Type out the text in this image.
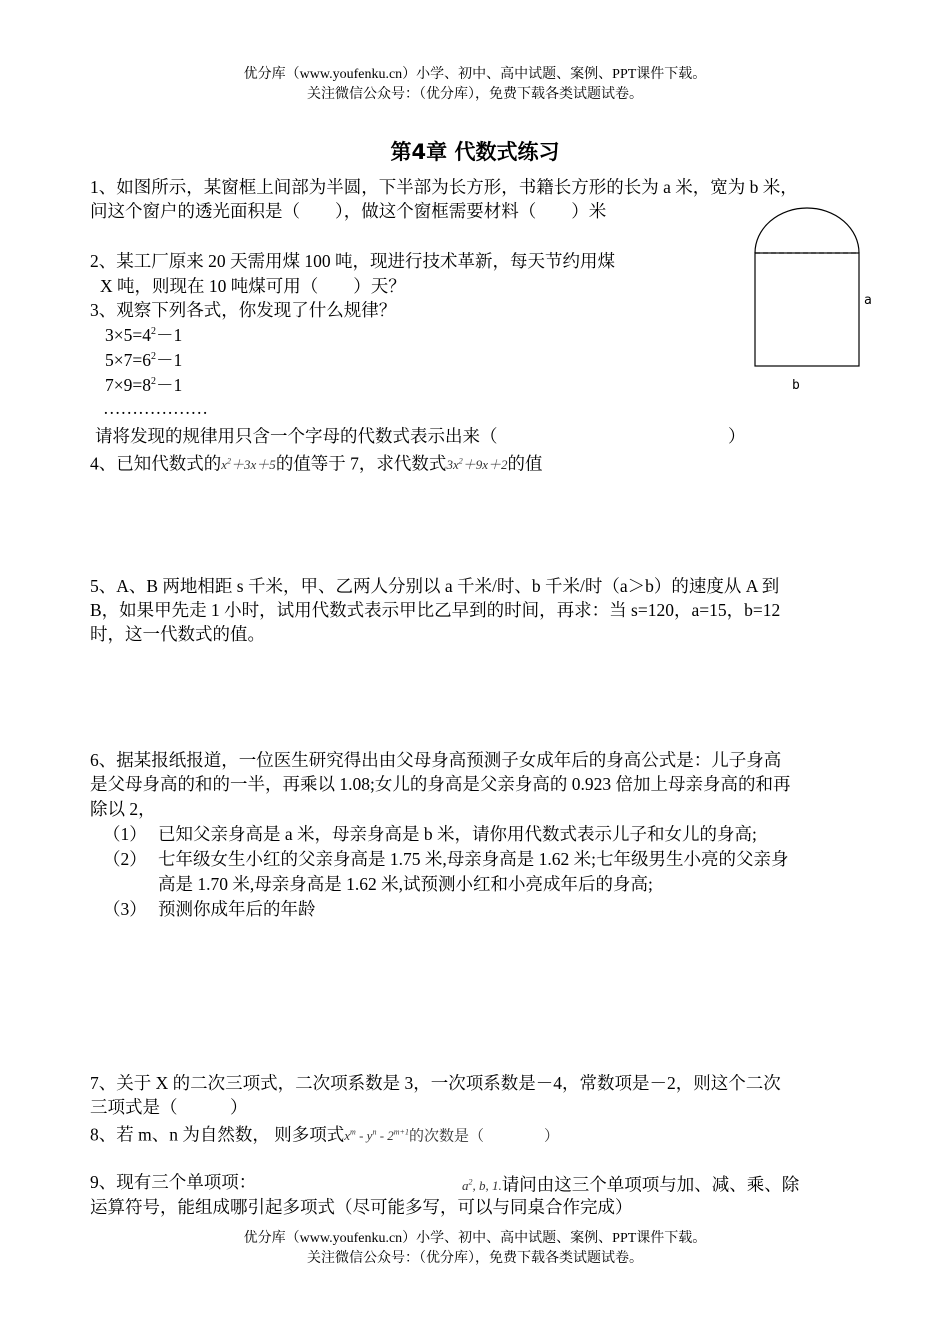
优分库（www.youfenku.cn）小学、初中、高中试题、案例、PPT课件下载。
关注微信公众号：（优分库），免费下载各类试题试卷。
第4章 代数式练习
1、如图所示，某窗框上间部为半圆，下半部为长方形，书籍长方形的长为 a 米，宽为 b 米，
问这个窗户的透光面积是（　　），做这个窗框需要材料（　　）米
a
b
2、某工厂原来 20 天需用煤 100 吨，现进行技术革新，每天节约用煤
X 吨，则现在 10 吨煤可用（　　）天？
3、观察下列各式，你发现了什么规律？
$3\times 5=4^2-1$
$5\times 7=6^2-1$
$7\times 9=8^2-1$
………………
请将发现的规律用只含一个字母的代数式表示出来（	）
4、已知代数式的$x^2+3x+5$的值等于 7，求代数式$3x^2+9x+2$的值
5、A、B 两地相距 s 千米，甲、乙两人分别以 a 千米/时、b 千米/时（a＞b）的速度从 A 到
B，如果甲先走 1 小时，试用代数式表示甲比乙早到的时间，再求：当 s=120，a=15，b=12
时，这一代数式的值。
6、据某报纸报道，一位医生研究得出由父母身高预测子女成年后的身高公式是：儿子身高
是父母身高的和的一半，再乘以 1.08;女儿的身高是父亲身高的 0.923 倍加上母亲身高的和再
除以 2，
（1） 已知父亲身高是 a 米，母亲身高是 b 米，请你用代数式表示儿子和女儿的身高;
（2） 七年级女生小红的父亲身高是 1.75 米,母亲身高是 1.62 米;七年级男生小亮的父亲身
高是 1.70 米,母亲身高是 1.62 米,试预测小红和小亮成年后的身高;
（3） 预测你成年后的年龄
7、关于 X 的二次三项式，二次项系数是 3，一次项系数是－4，常数项是－2，则这个二次
三项式是（　　　）
8、若 m、n 为自然数， 则多项式$x^m - y^n - 2^{m+1}$的次数是（　　　　）
9、现有三个单项项：	$a^2$, b, 1.请问由这三个单项项与加、减、乘、除
运算符号，能组成哪引起多项式（尽可能多写，可以与同桌合作完成）
优分库（www.youfenku.cn）小学、初中、高中试题、案例、PPT课件下载。
关注微信公众号：（优分库），免费下载各类试题试卷。
